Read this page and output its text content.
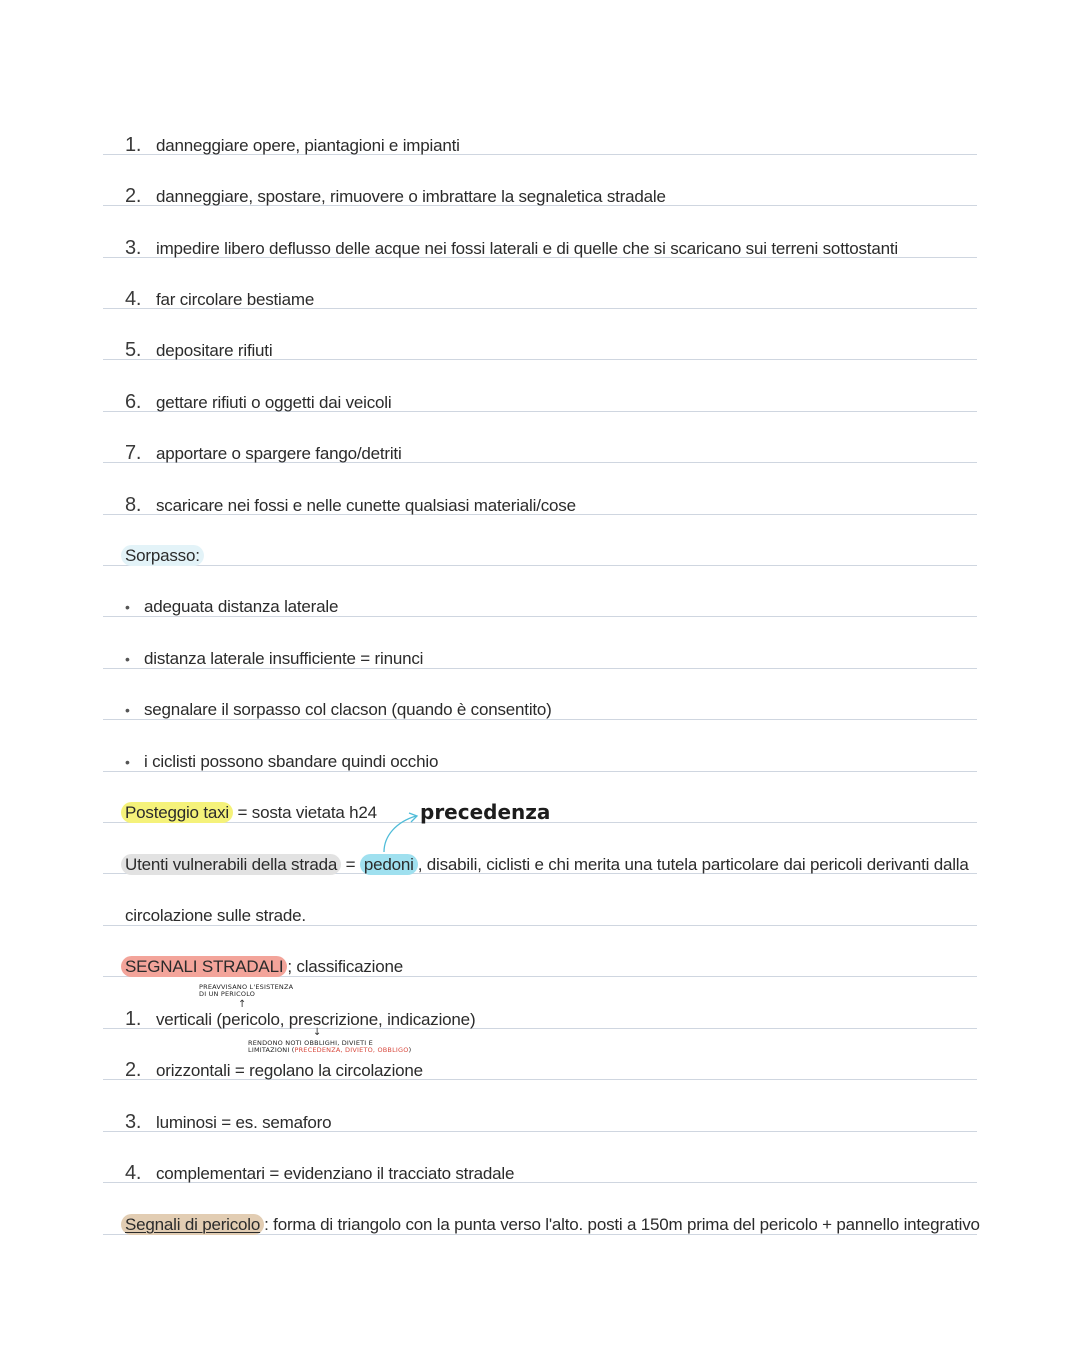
1. danneggiare opere, piantagioni e impianti
2. danneggiare, spostare, rimuovere o imbrattare la segnaletica stradale
3. impedire libero deflusso delle acque nei fossi laterali e di quelle che si scaricano sui terreni sottostanti
4. far circolare bestiame
5. depositare rifiuti
6. gettare rifiuti o oggetti dai veicoli
7. apportare o spargere fango/detriti
8. scaricare nei fossi e nelle cunette qualsiasi materiali/cose
Sorpasso:
• adeguata distanza laterale
• distanza laterale insufficiente = rinunci
• segnalare il sorpasso col clacson (quando è consentito)
• i ciclisti possono sbandare quindi occhio
Posteggio taxi = sosta vietata h24 precedenza
Utenti vulnerabili della strada = pedoni , disabili, ciclisti e chi merita una tutela particolare dai pericoli derivanti dalla
circolazione sulle strade.
SEGNALI STRADALI ; classificazione
PREAVVISANO L'ESISTENZA
DI UN PERICOLO
↑
1. verticali (pericolo, prescrizione, indicazione)
↓
RENDONO NOTI OBBLIGHI, DIVIETI E
LIMITAZIONI (PRECEDENZA, DIVIETO, OBBLIGO)
2. orizzontali = regolano la circolazione
3. luminosi = es. semaforo
4. complementari = evidenziano il tracciato stradale
Segnali di pericolo : forma di triangolo con la punta verso l'alto. posti a 150m prima del pericolo + pannello integrativo
